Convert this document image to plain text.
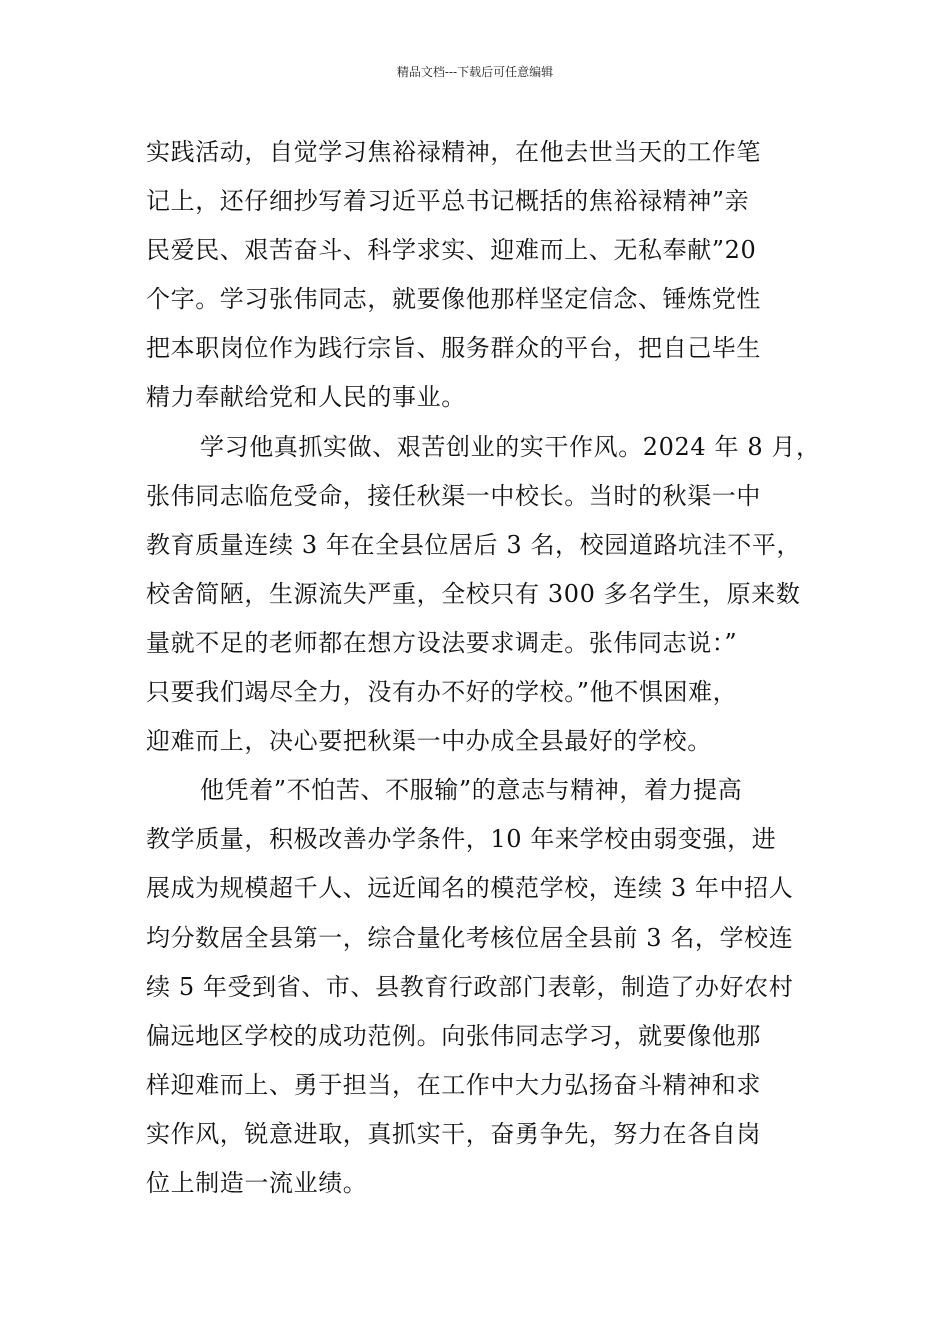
精品文档---下载后可任意编辑
实践活动，自觉学习焦裕禄精神，在他去世当天的工作笔
记上，还仔细抄写着习近平总书记概括的焦裕禄精神”亲
民爱民、艰苦奋斗、科学求实、迎难而上、无私奉献”20
个字。学习张伟同志，就要像他那样坚定信念、锤炼党性
把本职岗位作为践行宗旨、服务群众的平台，把自己毕生
精力奉献给党和人民的事业。
学习他真抓实做、艰苦创业的实干作风。2024 年 8 月，
张伟同志临危受命，接任秋渠一中校长。当时的秋渠一中
教育质量连续 3 年在全县位居后 3 名，校园道路坑洼不平，
校舍简陋，生源流失严重，全校只有 300 多名学生，原来数
量就不足的老师都在想方设法要求调走。张伟同志说：”
只要我们竭尽全力，没有办不好的学校。”他不惧困难，
迎难而上，决心要把秋渠一中办成全县最好的学校。
他凭着”不怕苦、不服输”的意志与精神，着力提高
教学质量，积极改善办学条件，10 年来学校由弱变强，进
展成为规模超千人、远近闻名的模范学校，连续 3 年中招人
均分数居全县第一，综合量化考核位居全县前 3 名，学校连
续 5 年受到省、市、县教育行政部门表彰，制造了办好农村
偏远地区学校的成功范例。向张伟同志学习，就要像他那
样迎难而上、勇于担当，在工作中大力弘扬奋斗精神和求
实作风，锐意进取，真抓实干，奋勇争先，努力在各自岗
位上制造一流业绩。
